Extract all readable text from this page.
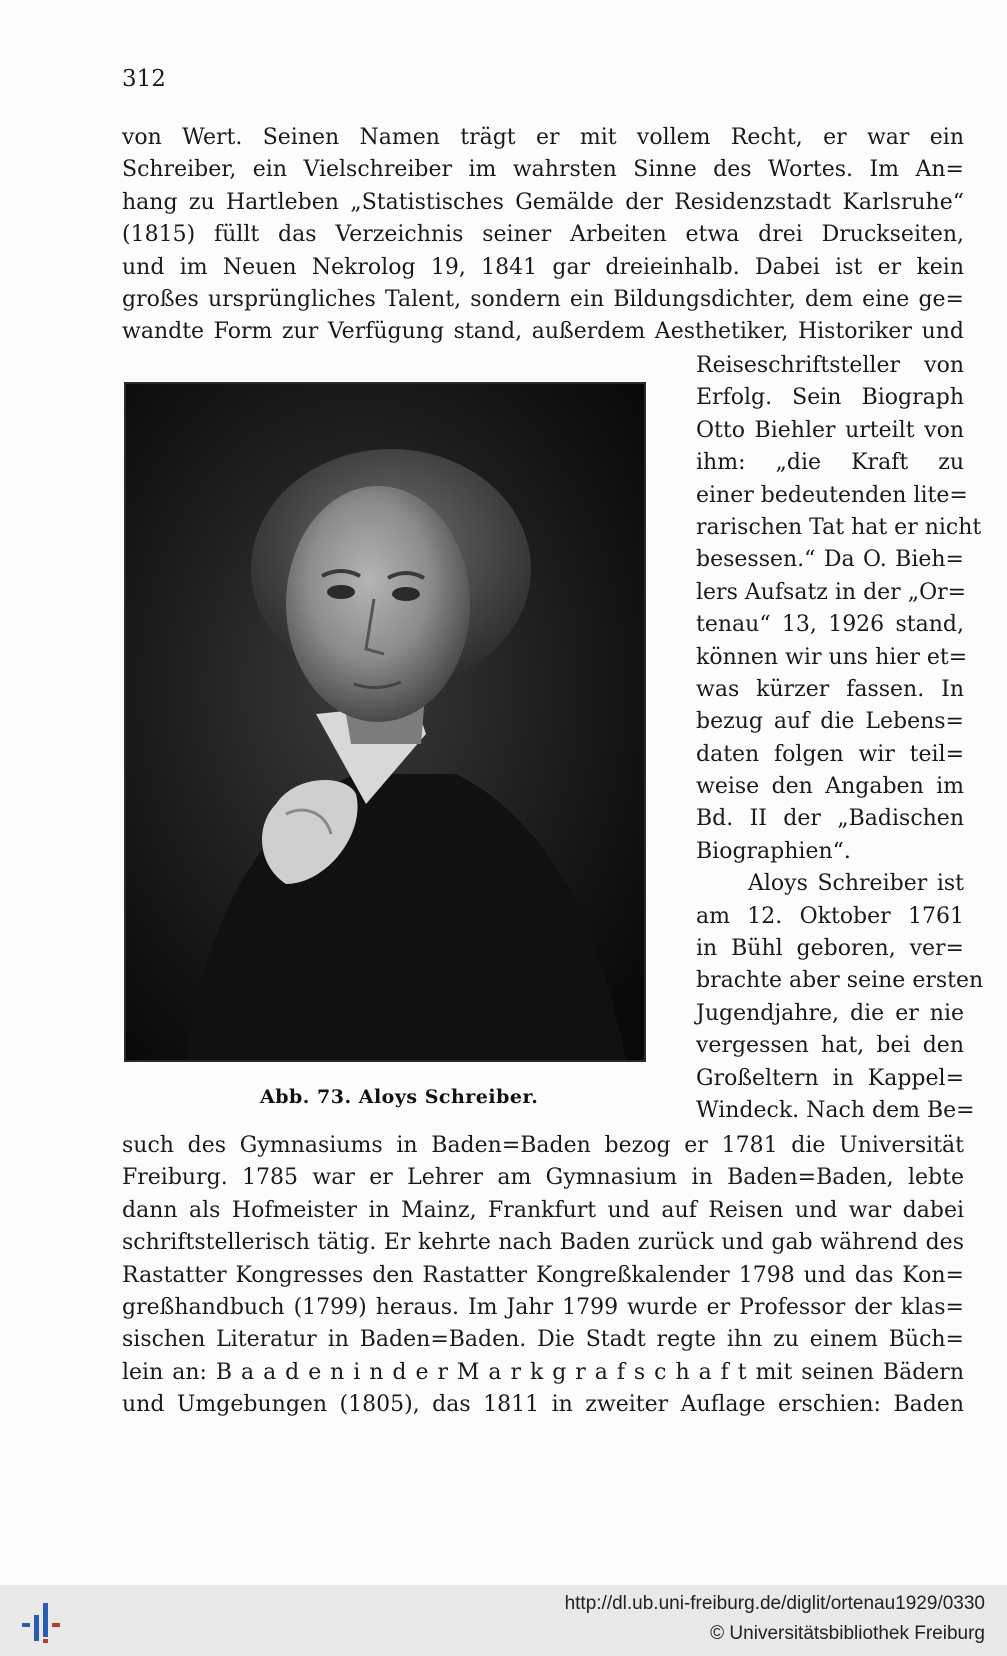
312
von Wert. Seinen Namen trägt er mit vollem Recht, er war ein
Schreiber, ein Vielschreiber im wahrsten Sinne des Wortes. Im An=
hang zu Hartleben „Statistisches Gemälde der Residenzstadt Karlsruhe“
(1815) füllt das Verzeichnis seiner Arbeiten etwa drei Druckseiten,
und im Neuen Nekrolog 19, 1841 gar dreieinhalb. Dabei ist er kein
großes ursprüngliches Talent, sondern ein Bildungsdichter, dem eine ge=
wandte Form zur Verfügung stand, außerdem Aesthetiker, Historiker und
Abb. 73. Aloys Schreiber.
Reiseschriftsteller von
Erfolg. Sein Biograph
Otto Biehler urteilt von
ihm: „die Kraft zu
einer bedeutenden lite=
rarischen Tat hat er nicht
besessen.“ Da O. Bieh=
lers Aufsatz in der „Or=
tenau“ 13, 1926 stand,
können wir uns hier et=
was kürzer fassen. In
bezug auf die Lebens=
daten folgen wir teil=
weise den Angaben im
Bd. II der „Badischen
Biographien“.
Aloys Schreiber ist
am 12. Oktober 1761
in Bühl geboren, ver=
brachte aber seine ersten
Jugendjahre, die er nie
vergessen hat, bei den
Großeltern in Kappel=
Windeck. Nach dem Be=
such des Gymnasiums in Baden=Baden bezog er 1781 die Universität
Freiburg. 1785 war er Lehrer am Gymnasium in Baden=Baden, lebte
dann als Hofmeister in Mainz, Frankfurt und auf Reisen und war dabei
schriftstellerisch tätig. Er kehrte nach Baden zurück und gab während des
Rastatter Kongresses den Rastatter Kongreßkalender 1798 und das Kon=
greßhandbuch (1799) heraus. Im Jahr 1799 wurde er Professor der klas=
sischen Literatur in Baden=Baden. Die Stadt regte ihn zu einem Büch=
lein an: B a a d e n i n d e r M a r k g r a f s c h a f t mit seinen Bädern
und Umgebungen (1805), das 1811 in zweiter Auflage erschien: Baden
http://dl.ub.uni-freiburg.de/diglit/ortenau1929/0330
© Universitätsbibliothek Freiburg
